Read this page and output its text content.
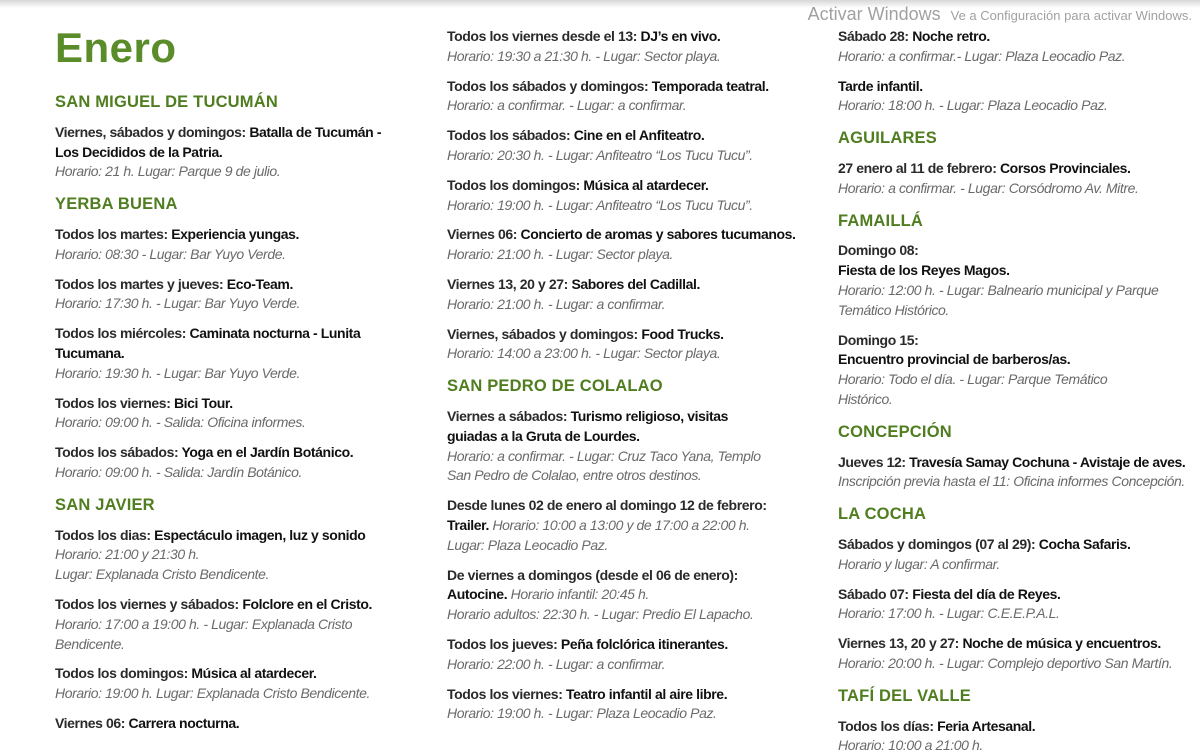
Enero
SAN MIGUEL DE TUCUMÁN
Viernes, sábados y domingos: Batalla de Tucumán -
Los Decididos de la Patria.
Horario: 21 h. Lugar: Parque 9 de julio.
YERBA BUENA
Todos los martes: Experiencia yungas.
Horario: 08:30 - Lugar: Bar Yuyo Verde.
Todos los martes y jueves: Eco-Team.
Horario: 17:30 h. - Lugar: Bar Yuyo Verde.
Todos los miércoles: Caminata nocturna - Lunita
Tucumana.
Horario: 19:30 h. - Lugar: Bar Yuyo Verde.
Todos los viernes: Bici Tour.
Horario: 09:00 h. - Salida: Oficina informes.
Todos los sábados: Yoga en el Jardín Botánico.
Horario: 09:00 h. - Salida: Jardín Botánico.
SAN JAVIER
Todos los dias: Espectáculo imagen, luz y sonido
Horario: 21:00 y 21:30 h.
Lugar: Explanada Cristo Bendicente.
Todos los viernes y sábados: Folclore en el Cristo.
Horario: 17:00 a 19:00 h. - Lugar: Explanada Cristo
Bendicente.
Todos los domingos: Música al atardecer.
Horario: 19:00 h. Lugar: Explanada Cristo Bendicente.
Viernes 06: Carrera nocturna.
Todos los viernes desde el 13: DJ’s en vivo.
Horario: 19:30 a 21:30 h. - Lugar: Sector playa.
Todos los sábados y domingos: Temporada teatral.
Horario: a confirmar. - Lugar: a confirmar.
Todos los sábados: Cine en el Anfiteatro.
Horario: 20:30 h. - Lugar: Anfiteatro “Los Tucu Tucu”.
Todos los domingos: Música al atardecer.
Horario: 19:00 h. - Lugar: Anfiteatro “Los Tucu Tucu”.
Viernes 06: Concierto de aromas y sabores tucumanos.
Horario: 21:00 h. - Lugar: Sector playa.
Viernes 13, 20 y 27: Sabores del Cadillal.
Horario: 21:00 h. - Lugar: a confirmar.
Viernes, sábados y domingos: Food Trucks.
Horario: 14:00 a 23:00 h. - Lugar: Sector playa.
SAN PEDRO DE COLALAO
Viernes a sábados: Turismo religioso, visitas
guiadas a la Gruta de Lourdes.
Horario: a confirmar. - Lugar: Cruz Taco Yana, Templo
San Pedro de Colalao, entre otros destinos.
Desde lunes 02 de enero al domingo 12 de febrero:
Trailer. Horario: 10:00 a 13:00 y de 17:00 a 22:00 h.
Lugar: Plaza Leocadio Paz.
De viernes a domingos (desde el 06 de enero):
Autocine. Horario infantil: 20:45 h.
Horario adultos: 22:30 h. - Lugar: Predio El Lapacho.
Todos los jueves: Peña folclórica itinerantes.
Horario: 22:00 h. - Lugar: a confirmar.
Todos los viernes: Teatro infantil al aire libre.
Horario: 19:00 h. - Lugar: Plaza Leocadio Paz.
Sábado 28: Noche retro.
Horario: a confirmar.- Lugar: Plaza Leocadio Paz.
Tarde infantil.
Horario: 18:00 h. - Lugar: Plaza Leocadio Paz.
AGUILARES
27 enero al 11 de febrero: Corsos Provinciales.
Horario: a confirmar. - Lugar: Corsódromo Av. Mitre.
FAMAILLÁ
Domingo 08:
Fiesta de los Reyes Magos.
Horario: 12:00 h. - Lugar: Balneario municipal y Parque
Temático Histórico.
Domingo 15:
Encuentro provincial de barberos/as.
Horario: Todo el día. - Lugar: Parque Temático
Histórico.
CONCEPCIÓN
Jueves 12: Travesía Samay Cochuna - Avistaje de aves.
Inscripción previa hasta el 11: Oficina informes Concepción.
LA COCHA
Sábados y domingos (07 al 29): Cocha Safaris.
Horario y lugar: A confirmar.
Sábado 07: Fiesta del día de Reyes.
Horario: 17:00 h. - Lugar: C.E.E.P.A.L.
Viernes 13, 20 y 27: Noche de música y encuentros.
Horario: 20:00 h. - Lugar: Complejo deportivo San Martín.
TAFÍ DEL VALLE
Todos los días: Feria Artesanal.
Horario: 10:00 a 21:00 h.
Activar Windows Ve a Configuración para activar Windows.
